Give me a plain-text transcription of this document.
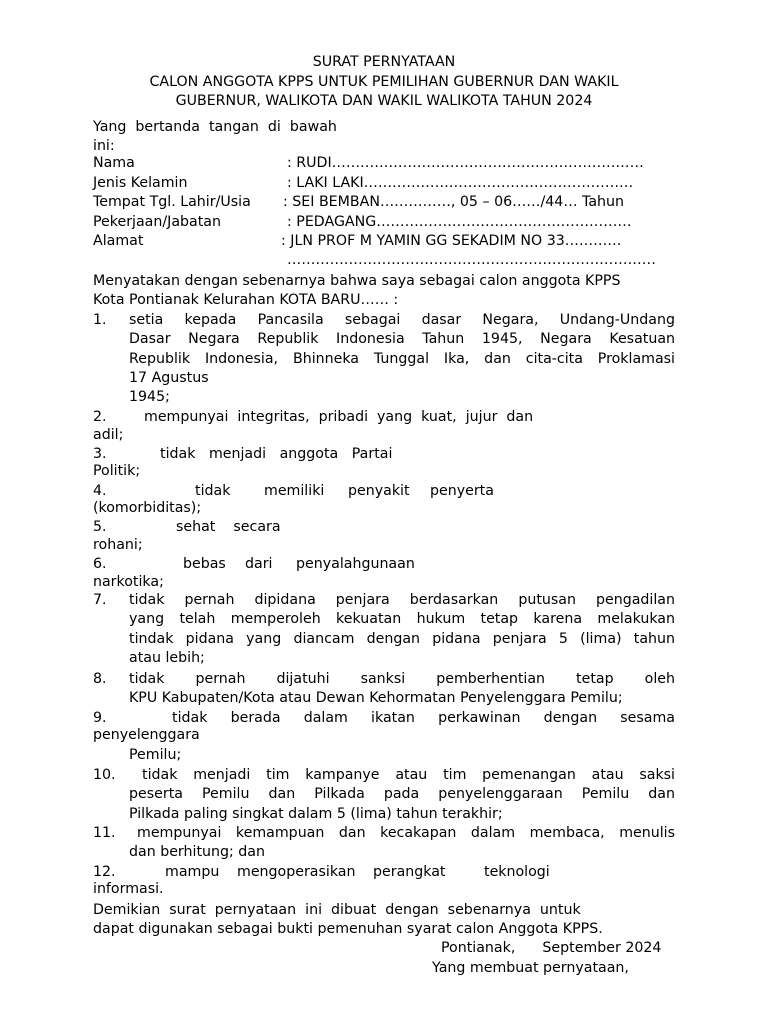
SURAT PERNYATAAN
CALON ANGGOTA KPPS UNTUK PEMILIHAN GUBERNUR DAN WAKIL
GUBERNUR, WALIKOTA DAN WAKIL WALIKOTA TAHUN 2024
Yang  bertanda  tangan  di  bawah
ini:
Nama	: RUDI…………………………………………………………
Jenis Kelamin	: LAKI LAKI…………………………………………………
Tempat Tgl. Lahir/Usia : SEI BEMBAN……………, 05 – 06……/44… Tahun
Pekerjaan/Jabatan	: PEDAGANG………………………………………………
Alamat	: JLN PROF M YAMIN GG SEKADIM NO 33…………
……………………………………………………………………
Menyatakan dengan sebenarnya bahwa saya sebagai calon anggota KPPS
Kota Pontianak Kelurahan KOTA BARU…… :
1. setia kepada Pancasila sebagai dasar Negara, Undang-Undang
Dasar Negara Republik Indonesia Tahun 1945, Negara Kesatuan
Republik Indonesia, Bhinneka Tunggal Ika, dan cita-cita Proklamasi
17 Agustus
1945;
2.	mempunyai  integritas,  pribadi  yang  kuat,  jujur  dan
adil;
3.	tidak   menjadi   anggota   Partai
Politik;
4.	tidak memiliki penyakit penyerta
(komorbiditas);
5.	sehat    secara
rohani;
6.	bebas dari penyalahgunaan
narkotika;
7. tidak pernah dipidana penjara berdasarkan putusan pengadilan
yang telah memperoleh kekuatan hukum tetap karena melakukan
tindak pidana yang diancam dengan pidana penjara 5 (lima) tahun
atau lebih;
8. tidak pernah dijatuhi sanksi pemberhentian tetap oleh
KPU Kabupaten/Kota atau Dewan Kehormatan Penyelenggara Pemilu;
9.	tidak berada dalam ikatan perkawinan dengan sesama
penyelenggara
Pemilu;
10. tidak menjadi tim kampanye atau tim pemenangan atau saksi
peserta Pemilu dan Pilkada pada penyelenggaraan Pemilu dan
Pilkada paling singkat dalam 5 (lima) tahun terakhir;
11. mempunyai kemampuan dan kecakapan dalam membaca, menulis
dan berhitung; dan
12.	mampu mengoperasikan perangkat	teknologi
informasi.
Demikian  surat  pernyataan  ini  dibuat  dengan  sebenarnya  untuk
dapat digunakan sebagai bukti pemenuhan syarat calon Anggota KPPS.
Pontianak,      September 2024
Yang membuat pernyataan,
